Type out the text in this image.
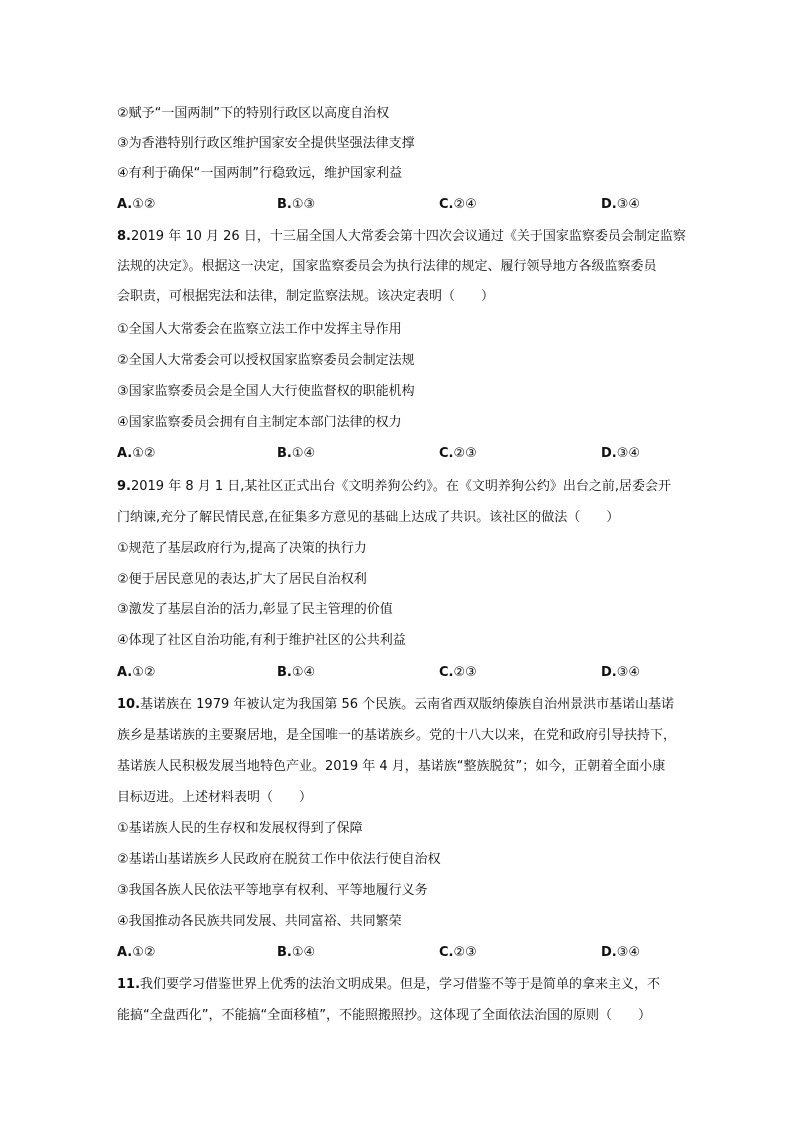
②赋予“一国两制”下的特别行政区以高度自治权
③为香港特别行政区维护国家安全提供坚强法律支撑
④有利于确保“一国两制”行稳致远，维护国家利益
A.①②	B.①③	C.②④	D.③④
8.2019 年 10 月 26 日，十三届全国人大常委会第十四次会议通过《关于国家监察委员会制定监察
法规的决定》。根据这一决定，国家监察委员会为执行法律的规定、履行领导地方各级监察委员
会职责，可根据宪法和法律，制定监察法规。该决定表明（　　）
①全国人大常委会在监察立法工作中发挥主导作用
②全国人大常委会可以授权国家监察委员会制定法规
③国家监察委员会是全国人大行使监督权的职能机构
④国家监察委员会拥有自主制定本部门法律的权力
A.①②	B.①④	C.②③	D.③④
9.2019 年 8 月 1 日,某社区正式出台《文明养狗公约》。在《文明养狗公约》出台之前,居委会开
门纳谏,充分了解民情民意,在征集多方意见的基础上达成了共识。该社区的做法（　　）
①规范了基层政府行为,提高了决策的执行力
②便于居民意见的表达,扩大了居民自治权利
③激发了基层自治的活力,彰显了民主管理的价值
④体现了社区自治功能,有利于维护社区的公共利益
A.①②	B.①④	C.②③	D.③④
10.基诺族在 1979 年被认定为我国第 56 个民族。云南省西双版纳傣族自治州景洪市基诺山基诺
族乡是基诺族的主要聚居地，是全国唯一的基诺族乡。党的十八大以来，在党和政府引导扶持下，
基诺族人民积极发展当地特色产业。2019 年 4 月，基诺族“整族脱贫”；如今，正朝着全面小康
目标迈进。上述材料表明（　　）
①基诺族人民的生存权和发展权得到了保障
②基诺山基诺族乡人民政府在脱贫工作中依法行使自治权
③我国各族人民依法平等地享有权利、平等地履行义务
④我国推动各民族共同发展、共同富裕、共同繁荣
A.①②	B.①④	C.②③	D.③④
11.我们要学习借鉴世界上优秀的法治文明成果。但是，学习借鉴不等于是简单的拿来主义，不
能搞“全盘西化”，不能搞“全面移植”，不能照搬照抄。这体现了全面依法治国的原则（　　）
